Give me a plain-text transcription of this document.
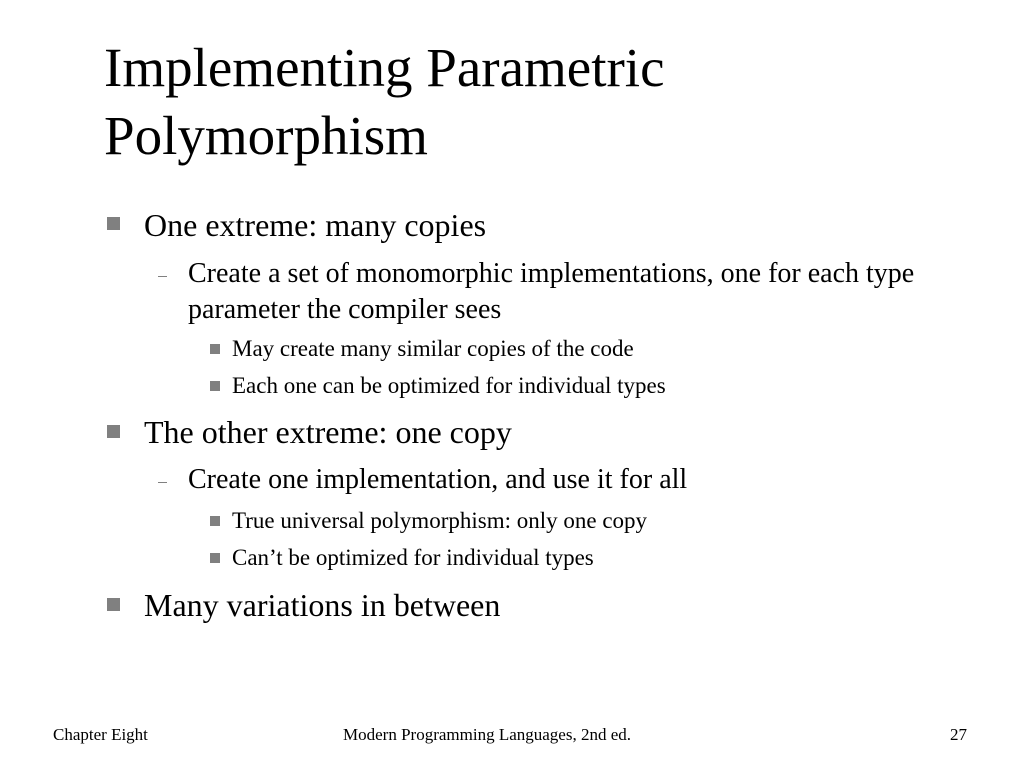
Implementing Parametric
Polymorphism
One extreme: many copies
Create a set of monomorphic implementations, one for each type parameter the compiler sees
May create many similar copies of the code
Each one can be optimized for individual types
The other extreme: one copy
Create one implementation, and use it for all
True universal polymorphism: only one copy
Can’t be optimized for individual types
Many variations in between
Chapter Eight	Modern Programming Languages, 2nd ed.	27
